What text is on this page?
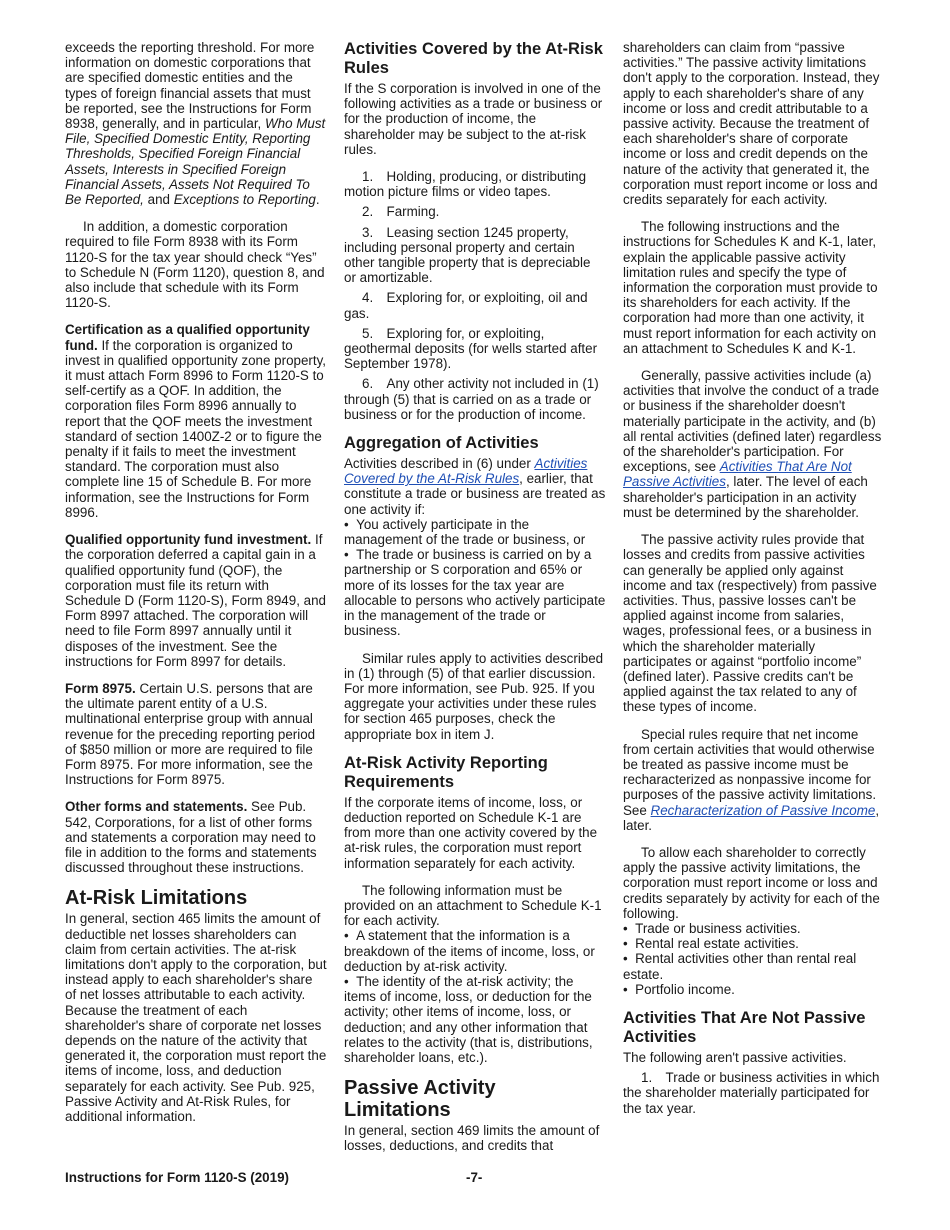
exceeds the reporting threshold. For more information on domestic corporations that are specified domestic entities and the types of foreign financial assets that must be reported, see the Instructions for Form 8938, generally, and in particular, Who Must File, Specified Domestic Entity, Reporting Thresholds, Specified Foreign Financial Assets, Interests in Specified Foreign Financial Assets, Assets Not Required To Be Reported, and Exceptions to Reporting.

In addition, a domestic corporation required to file Form 8938 with its Form 1120-S for the tax year should check “Yes” to Schedule N (Form 1120), question 8, and also include that schedule with its Form 1120-S.

Certification as a qualified opportunity fund. If the corporation is organized to invest in qualified opportunity zone property, it must attach Form 8996 to Form 1120-S to self-certify as a QOF. In addition, the corporation files Form 8996 annually to report that the QOF meets the investment standard of section 1400Z-2 or to figure the penalty if it fails to meet the investment standard. The corporation must also complete line 15 of Schedule B. For more information, see the Instructions for Form 8996.

Qualified opportunity fund investment. If the corporation deferred a capital gain in a qualified opportunity fund (QOF), the corporation must file its return with Schedule D (Form 1120-S), Form 8949, and Form 8997 attached. The corporation will need to file Form 8997 annually until it disposes of the investment. See the instructions for Form 8997 for details.

Form 8975. Certain U.S. persons that are the ultimate parent entity of a U.S. multinational enterprise group with annual revenue for the preceding reporting period of $850 million or more are required to file Form 8975. For more information, see the Instructions for Form 8975.

Other forms and statements. See Pub. 542, Corporations, for a list of other forms and statements a corporation may need to file in addition to the forms and statements discussed throughout these instructions.

At-Risk Limitations

In general, section 465 limits the amount of deductible net losses shareholders can claim from certain activities. The at-risk limitations don't apply to the corporation, but instead apply to each shareholder's share of net losses attributable to each activity. Because the treatment of each shareholder's share of corporate net losses depends on the nature of the activity that generated it, the corporation must report the items of income, loss, and deduction separately for each activity. See Pub. 925, Passive Activity and At-Risk Rules, for additional information.

Activities Covered by the At-Risk Rules

If the S corporation is involved in one of the following activities as a trade or business or for the production of income, the shareholder may be subject to the at-risk rules.

1. Holding, producing, or distributing motion picture films or video tapes.

2. Farming.

3. Leasing section 1245 property, including personal property and certain other tangible property that is depreciable or amortizable.

4. Exploring for, or exploiting, oil and gas.

5. Exploring for, or exploiting, geothermal deposits (for wells started after September 1978).

6. Any other activity not included in (1) through (5) that is carried on as a trade or business or for the production of income.

Aggregation of Activities

Activities described in (6) under Activities Covered by the At-Risk Rules, earlier, that constitute a trade or business are treated as one activity if:

•  You actively participate in the management of the trade or business, or

•  The trade or business is carried on by a partnership or S corporation and 65% or more of its losses for the tax year are allocable to persons who actively participate in the management of the trade or business.

Similar rules apply to activities described in (1) through (5) of that earlier discussion. For more information, see Pub. 925. If you aggregate your activities under these rules for section 465 purposes, check the appropriate box in item J.

At-Risk Activity Reporting Requirements

If the corporate items of income, loss, or deduction reported on Schedule K-1 are from more than one activity covered by the at-risk rules, the corporation must report information separately for each activity.

The following information must be provided on an attachment to Schedule K-1 for each activity.

•  A statement that the information is a breakdown of the items of income, loss, or deduction by at-risk activity.

•  The identity of the at-risk activity; the items of income, loss, or deduction for the activity; other items of income, loss, or deduction; and any other information that relates to the activity (that is, distributions, shareholder loans, etc.).

Passive Activity Limitations

In general, section 469 limits the amount of losses, deductions, and credits that

shareholders can claim from “passive activities.” The passive activity limitations don't apply to the corporation. Instead, they apply to each shareholder's share of any income or loss and credit attributable to a passive activity. Because the treatment of each shareholder's share of corporate income or loss and credit depends on the nature of the activity that generated it, the corporation must report income or loss and credits separately for each activity.

The following instructions and the instructions for Schedules K and K-1, later, explain the applicable passive activity limitation rules and specify the type of information the corporation must provide to its shareholders for each activity. If the corporation had more than one activity, it must report information for each activity on an attachment to Schedules K and K-1.

Generally, passive activities include (a) activities that involve the conduct of a trade or business if the shareholder doesn't materially participate in the activity, and (b) all rental activities (defined later) regardless of the shareholder's participation. For exceptions, see Activities That Are Not Passive Activities, later. The level of each shareholder's participation in an activity must be determined by the shareholder.

The passive activity rules provide that losses and credits from passive activities can generally be applied only against income and tax (respectively) from passive activities. Thus, passive losses can't be applied against income from salaries, wages, professional fees, or a business in which the shareholder materially participates or against “portfolio income” (defined later). Passive credits can't be applied against the tax related to any of these types of income.

Special rules require that net income from certain activities that would otherwise be treated as passive income must be recharacterized as nonpassive income for purposes of the passive activity limitations. See Recharacterization of Passive Income, later.

To allow each shareholder to correctly apply the passive activity limitations, the corporation must report income or loss and credits separately by activity for each of the following.

•  Trade or business activities.

•  Rental real estate activities.

•  Rental activities other than rental real estate.

•  Portfolio income.

Activities That Are Not Passive Activities

The following aren't passive activities.

1. Trade or business activities in which the shareholder materially participated for the tax year.

Instructions for Form 1120-S (2019)	-7-
